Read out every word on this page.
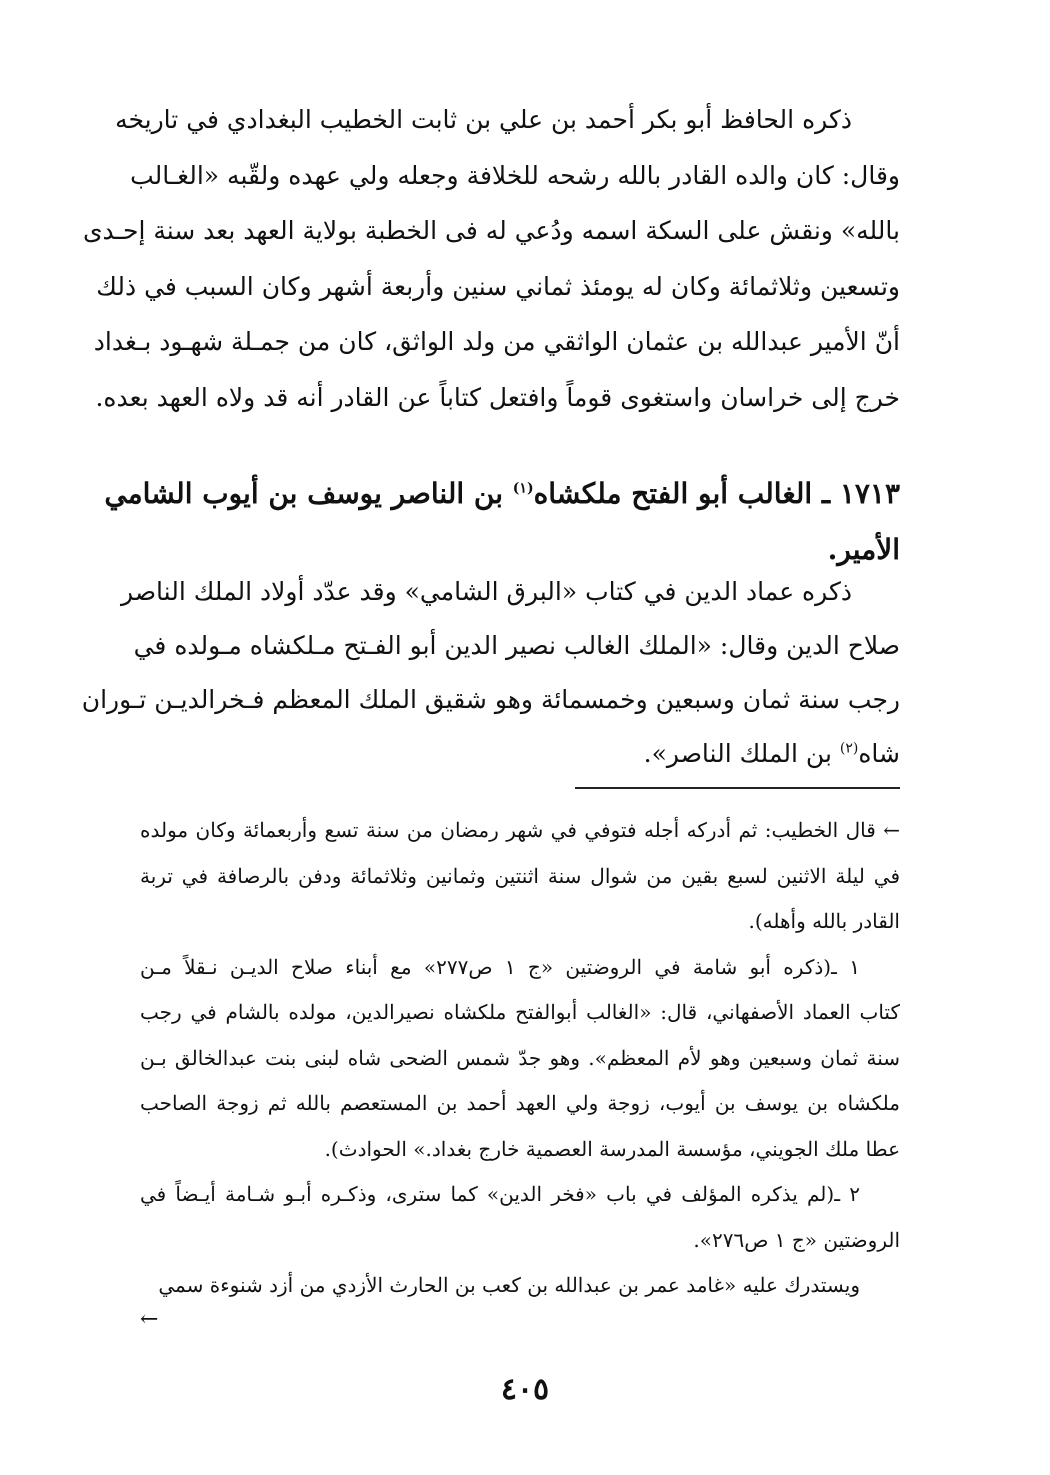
ذكره الحافظ أبو بكر أحمد بن علي بن ثابت الخطيب البغدادي في تاريخه
وقال: كان والده القادر بالله رشحه للخلافة وجعله ولي عهده ولقّبه «الغـالب
بالله» ونقش على السكة اسمه ودُعي له فى الخطبة بولاية العهد بعد سنة إحـدى
وتسعين وثلاثمائة وكان له يومئذ ثماني سنين وأربعة أشهر وكان السبب في ذلك
أنّ الأمير عبدالله بن عثمان الواثقي من ولد الواثق، كان من جمـلة شهـود بـغداد
خرج إلى خراسان واستغوى قوماً وافتعل كتاباً عن القادر أنه قد ولاه العهد بعده.
١٧١٣ ـ الغالب أبو الفتح ملكشاه$^{(١)}$ بن الناصر يوسف بن أيوب الشامي
الأمير.
ذكره عماد الدين في كتاب «البرق الشامي» وقد عدّد أولاد الملك الناصر
صلاح الدين وقال: «الملك الغالب نصير الدين أبو الفـتح مـلكشاه مـولده في
رجب سنة ثمان وسبعين وخمسمائة وهو شقيق الملك المعظم فـخرالديـن تـوران
شاه$^{(٢)}$ بن الملك الناصر».
← قال الخطيب: ثم أدركه أجله فتوفي في شهر رمضان من سنة تسع وأربعمائة وكان مولده
في ليلة الاثنين لسبع بقين من شوال سنة اثنتين وثمانين وثلاثمائة ودفن بالرصافة في تربة
القادر بالله وأهله).
١ ـ(ذكره أبو شامة في الروضتين «ج ١ ص٢٧٧» مع أبناء صلاح الديـن نـقلاً مـن
كتاب العماد الأصفهاني، قال: «الغالب أبوالفتح ملكشاه نصيرالدين، مولده بالشام في رجب
سنة ثمان وسبعين وهو لأم المعظم». وهو جدّ شمس الضحى شاه لبنى بنت عبدالخالق بـن
ملكشاه بن يوسف بن أيوب، زوجة ولي العهد أحمد بن المستعصم بالله ثم زوجة الصاحب
عطا ملك الجويني، مؤسسة المدرسة العصمية خارج بغداد.» الحوادث).
٢ ـ(لم يذكره المؤلف في باب «فخر الدين» كما سترى، وذكـره أبـو شـامة أيـضاً في
الروضتين «ج ١ ص٢٧٦».
ويستدرك عليه «غامد عمر بن عبدالله بن كعب بن الحارث الأزدي من أزد شنوءة سمي
←
٤٠٥
